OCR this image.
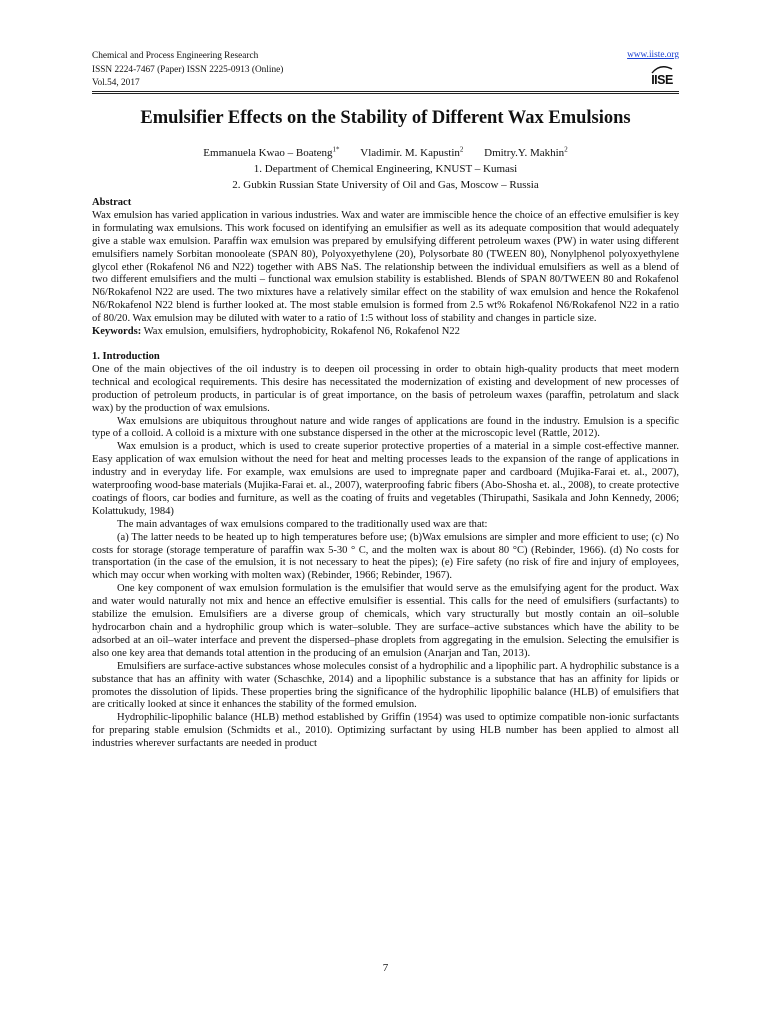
Chemical and Process Engineering Research
ISSN 2224-7467 (Paper) ISSN 2225-0913 (Online)
Vol.54, 2017
www.iiste.org
IISE
Emulsifier Effects on the Stability of Different Wax Emulsions
Emmanuela Kwao – Boateng$^{1*}$ Vladimir. M. Kapustin$^2$ Dmitry.Y. Makhin$^2$
1. Department of Chemical Engineering, KNUST – Kumasi
2. Gubkin Russian State University of Oil and Gas, Moscow – Russia

Abstract

Wax emulsion has varied application in various industries. Wax and water are immiscible hence the choice of an effective emulsifier is key in formulating wax emulsions. This work focused on identifying an emulsifier as well as its adequate composition that would adequately give a stable wax emulsion. Paraffin wax emulsion was prepared by emulsifying different petroleum waxes (PW) in water using different emulsifiers namely Sorbitan monooleate (SPAN 80), Polyoxyethylene (20), Polysorbate 80 (TWEEN 80), Nonylphenol polyoxyethylene glycol ether (Rokafenol N6 and N22) together with ABS NaS. The relationship between the individual emulsifiers as well as a blend of two different emulsifiers and the multi – functional wax emulsion stability is established. Blends of SPAN 80/TWEEN 80 and Rokafenol N6/Rokafenol N22 are used. The two mixtures have a relatively similar effect on the stability of wax emulsion and hence the Rokafenol N6/Rokafenol N22 blend is further looked at. The most stable emulsion is formed from 2.5 wt% Rokafenol N6/Rokafenol N22 in a ratio of 80/20. Wax emulsion may be diluted with water to a ratio of 1:5 without loss of stability and changes in particle size.

Keywords: Wax emulsion, emulsifiers, hydrophobicity, Rokafenol N6, Rokafenol N22

1. Introduction

One of the main objectives of the oil industry is to deepen oil processing in order to obtain high-quality products that meet modern technical and ecological requirements. This desire has necessitated the modernization of existing and development of new processes of production of petroleum products, in particular is of great importance, on the basis of petroleum waxes (paraffin, petrolatum and slack wax) by the production of wax emulsions.

Wax emulsions are ubiquitous throughout nature and wide ranges of applications are found in the industry. Emulsion is a specific type of a colloid. A colloid is a mixture with one substance dispersed in the other at the microscopic level (Rattle, 2012).

Wax emulsion is a product, which is used to create superior protective properties of a material in a simple cost-effective manner. Easy application of wax emulsion without the need for heat and melting processes leads to the expansion of the range of applications in industry and in everyday life. For example, wax emulsions are used to impregnate paper and cardboard (Mujika-Farai et. al., 2007), waterproofing wood-base materials (Mujika-Farai et. al., 2007), waterproofing fabric fibers (Abo-Shosha et. al., 2008), to create protective coatings of floors, car bodies and furniture, as well as the coating of fruits and vegetables (Thirupathi, Sasikala and John Kennedy, 2006; Kolattukudy, 1984)

The main advantages of wax emulsions compared to the traditionally used wax are that:

(a) The latter needs to be heated up to high temperatures before use; (b)Wax emulsions are simpler and more efficient to use; (c) No costs for storage (storage temperature of paraffin wax 5-30 ° C, and the molten wax is about 80 °C) (Rebinder, 1966). (d) No costs for transportation (in the case of the emulsion, it is not necessary to heat the pipes); (e) Fire safety (no risk of fire and injury of employees, which may occur when working with molten wax) (Rebinder, 1966; Rebinder, 1967).

One key component of wax emulsion formulation is the emulsifier that would serve as the emulsifying agent for the product. Wax and water would naturally not mix and hence an effective emulsifier is essential. This calls for the need of emulsifiers (surfactants) to stabilize the emulsion. Emulsifiers are a diverse group of chemicals, which vary structurally but mostly contain an oil–soluble hydrocarbon chain and a hydrophilic group which is water–soluble. They are surface–active substances which have the ability to be adsorbed at an oil–water interface and prevent the dispersed–phase droplets from aggregating in the emulsion. Selecting the emulsifier is also one key area that demands total attention in the producing of an emulsion (Anarjan and Tan, 2013).

Emulsifiers are surface-active substances whose molecules consist of a hydrophilic and a lipophilic part. A hydrophilic substance is a substance that has an affinity with water (Schaschke, 2014) and a lipophilic substance is a substance that has an affinity for lipids or promotes the dissolution of lipids. These properties bring the significance of the hydrophilic lipophilic balance (HLB) of emulsifiers that are critically looked at since it enhances the stability of the formed emulsion.

Hydrophilic-lipophilic balance (HLB) method established by Griffin (1954) was used to optimize compatible non-ionic surfactants for preparing stable emulsion (Schmidts et al., 2010). Optimizing surfactant by using HLB number has been applied to almost all industries wherever surfactants are needed in product

7
